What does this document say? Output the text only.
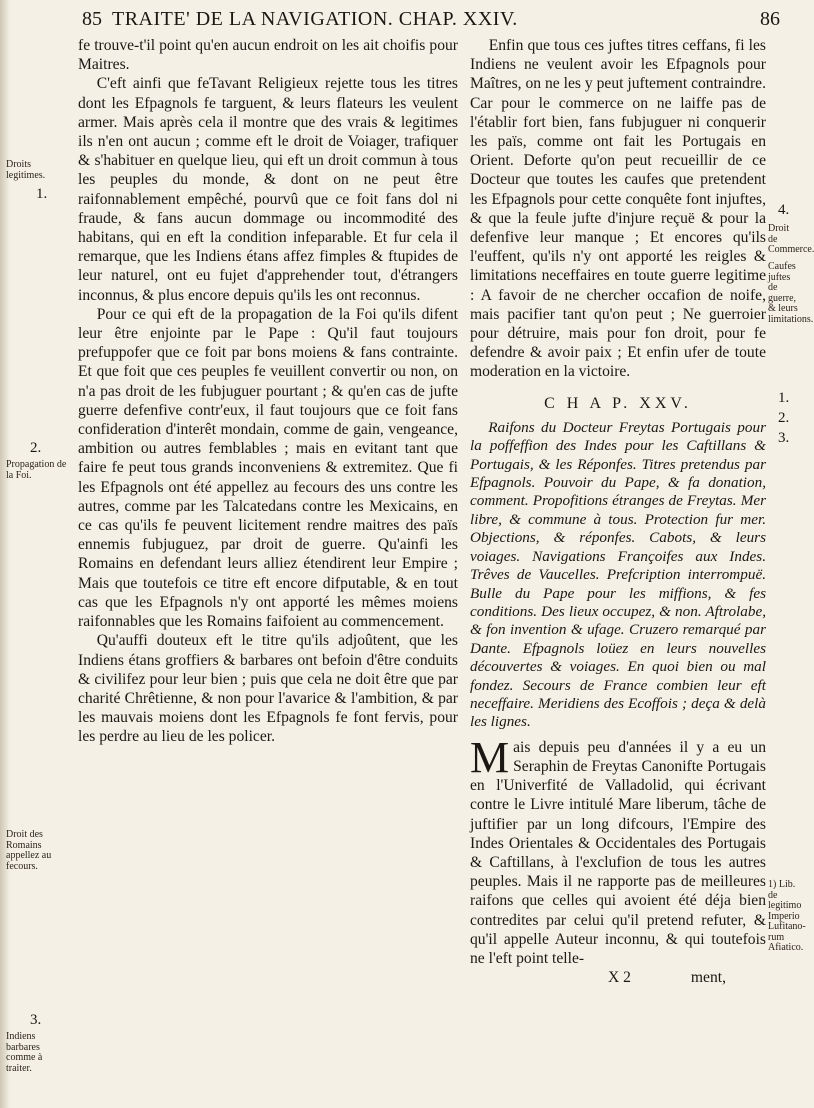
85 TRAITE' DE LA NAVIGATION. CHAP. XXIV.	86
Droits legitimes.
1.
2.
Propagation de la Foi.
Droit des Romains appellez au fecours.
3.
Indiens barbares comme à traiter.

fe trouve-t'il point qu'en aucun endroit on les ait choifis pour Maitres.

C'eft ainfi que feTavant Religieux rejette tous les titres dont les Efpagnols fe targuent, & leurs flateurs les veulent armer. Mais après cela il montre que des vrais & legitimes ils n'en ont aucun ; comme eft le droit de Voiager, trafiquer & s'habituer en quelque lieu, qui eft un droit commun à tous les peuples du monde, & dont on ne peut être raifonnablement empêché, pourvû que ce foit fans dol ni fraude, & fans aucun dommage ou incommodité des habitans, qui en eft la condition infeparable. Et fur cela il remarque, que les Indiens étans affez fimples & ftupides de leur naturel, ont eu fujet d'apprehender tout, d'étrangers inconnus, & plus encore depuis qu'ils les ont reconnus.

Pour ce qui eft de la propagation de la Foi qu'ils difent leur être enjointe par le Pape : Qu'il faut toujours prefuppofer que ce foit par bons moiens & fans contrainte. Et que foit que ces peuples fe veuillent convertir ou non, on n'a pas droit de les fubjuguer pourtant ; & qu'en cas de jufte guerre defenfive contr'eux, il faut toujours que ce foit fans confideration d'interêt mondain, comme de gain, vengeance, ambition ou autres femblables ; mais en evitant tant que faire fe peut tous grands inconveniens & extremitez. Que fi les Efpagnols ont été appellez au fecours des uns contre les autres, comme par les Talcatedans contre les Mexicains, en ce cas qu'ils fe peuvent licitement rendre maitres des païs ennemis fubjuguez, par droit de guerre. Qu'ainfi les Romains en defendant leurs alliez étendirent leur Empire ; Mais que toutefois ce titre eft encore difputable, & en tout cas que les Efpagnols n'y ont apporté les mêmes moiens raifonnables que les Romains faifoient au commencement.

Qu'auffi douteux eft le titre qu'ils adjoûtent, que les Indiens étans groffiers & barbares ont befoin d'être conduits & civilifez pour leur bien ; puis que cela ne doit être que par charité Chrêtienne, & non pour l'avarice & l'ambition, & par les mauvais moiens dont les Efpagnols fe font fervis, pour les perdre au lieu de les policer.

4.
Droit de Commerce.
Caufes juftes de guerre, & leurs limitations.
1.
2.
3.
1) Lib. de legitimo Imperio Lufitano-rum Afiatico.

Enfin que tous ces juftes titres ceffans, fi les Indiens ne veulent avoir les Efpagnols pour Maîtres, on ne les y peut juftement contraindre. Car pour le commerce on ne laiffe pas de l'établir fort bien, fans fubjuguer ni conquerir les païs, comme ont fait les Portugais en Orient. Deforte qu'on peut recueillir de ce Docteur que toutes les caufes que pretendent les Efpagnols pour cette conquête font injuftes, & que la feule jufte d'injure reçuë & pour la defenfive leur manque ; Et encores qu'ils l'euffent, qu'ils n'y ont apporté les reigles & limitations neceffaires en toute guerre legitime : A favoir de ne chercher occafion de noife, mais pacifier tant qu'on peut ; Ne guerroier pour détruire, mais pour fon droit, pour fe defendre & avoir paix ; Et enfin ufer de toute moderation en la victoire.

C H A P. XXV.

Raifons du Docteur Freytas Portugais pour la poffeffion des Indes pour les Caftillans & Portugais, & les Réponfes. Titres pretendus par Efpagnols. Pouvoir du Pape, & fa donation, comment. Propofitions étranges de Freytas. Mer libre, & commune à tous. Protection fur mer. Objections, & réponfes. Cabots, & leurs voiages. Navigations Françoifes aux Indes. Trêves de Vaucelles. Prefcription interrompuë. Bulle du Pape pour les miffions, & fes conditions. Des lieux occupez, & non. Aftrolabe, & fon invention & ufage. Cruzero remarqué par Dante. Efpagnols loüez en leurs nouvelles découvertes & voiages. En quoi bien ou mal fondez. Secours de France combien leur eft neceffaire. Meridiens des Ecoffois ; deça & delà les lignes.

Mais depuis peu d'années il y a eu un Seraphin de Freytas Canonifte Portugais en l'Univerfité de Valladolid, qui écrivant contre le Livre intitulé Mare liberum, tâche de juftifier par un long difcours, l'Empire des Indes Orientales & Occidentales des Portugais & Caftillans, à l'exclufion de tous les autres peuples. Mais il ne rapporte pas de meilleures raifons que celles qui avoient été déja bien contredites par celui qu'il pretend refuter, & qu'il appelle Auteur inconnu, & qui toutefois ne l'eft point telle-

X 2	ment,
